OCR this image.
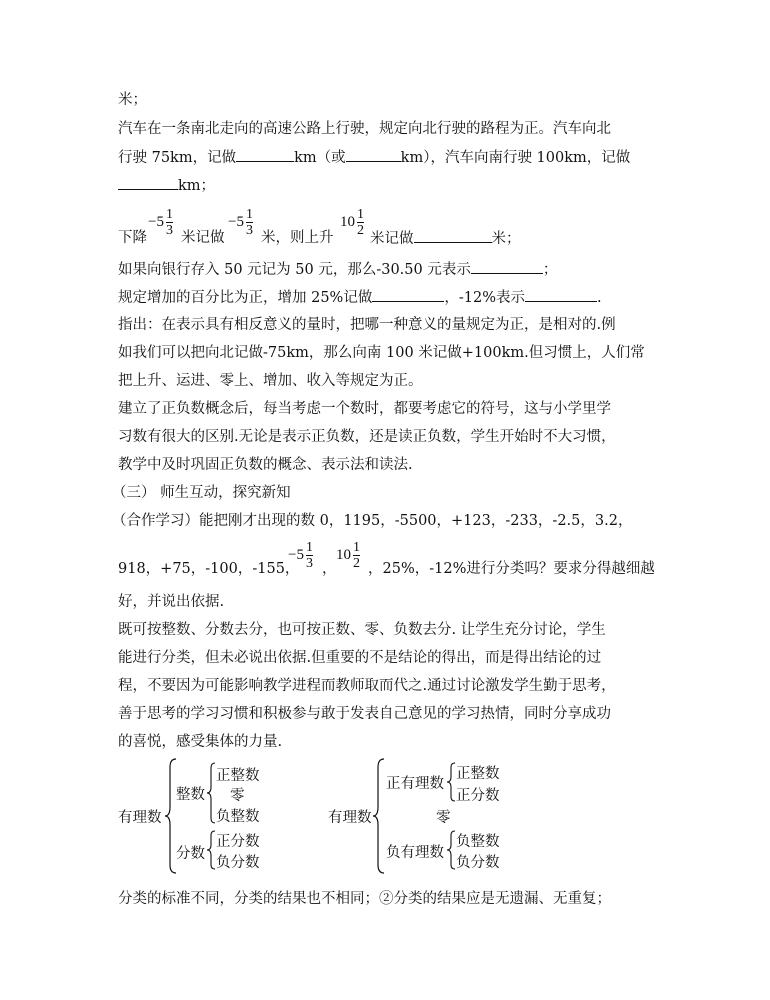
米；
汽车在一条南北走向的高速公路上行驶，规定向北行驶的路程为正。汽车向北
行驶 75km，记做	km（或	km），汽车向南行驶 100km，记做
km；
下降
$-5 \frac{1}{3}$ 米记做
$-5 \frac{1}{3}$ 米，则上升
$10 \frac{1}{2}$
米记做	米；
如果向银行存入 50 元记为 50 元，那么-30.50 元表示	；
规定增加的百分比为正，增加 25%记做	，-12%表示	.
指出：在表示具有相反意义的量时，把哪一种意义的量规定为正，是相对的.例
如我们可以把向北记做-75km，那么向南 100 米记做+100km.但习惯上，人们常
把上升、运进、零上、增加、收入等规定为正。
建立了正负数概念后，每当考虑一个数时，都要考虑它的符号，这与小学里学
习数有很大的区别.无论是表示正负数，还是读正负数，学生开始时不大习惯，
教学中及时巩固正负数的概念、表示法和读法.
（三） 师生互动，探究新知
（合作学习）能把刚才出现的数 0，1195，-5500，+123，-233，-2.5，3.2，
918，+75，-100，-155，
$-5 \frac{1}{3}$ ，
$10 \frac{1}{2}$ ，25%，-12%进行分类吗？要求分得越细越
好，并说出依据.
既可按整数、分数去分，也可按正数、零、负数去分. 让学生充分讨论，学生
能进行分类，但未必说出依据.但重要的不是结论的得出，而是得出结论的过
程，不要因为可能影响教学进程而教师取而代之.通过讨论激发学生勤于思考，
善于思考的学习习惯和积极参与敢于发表自己意见的学习热情，同时分享成功
的喜悦，感受集体的力量.
有理数
整数
正整数
零
负整数
分数
正分数
负分数
有理数
正有理数
正整数
正分数
零
负有理数
负整数
负分数
分类的标准不同，分类的结果也不相同；②分类的结果应是无遗漏、无重复；
